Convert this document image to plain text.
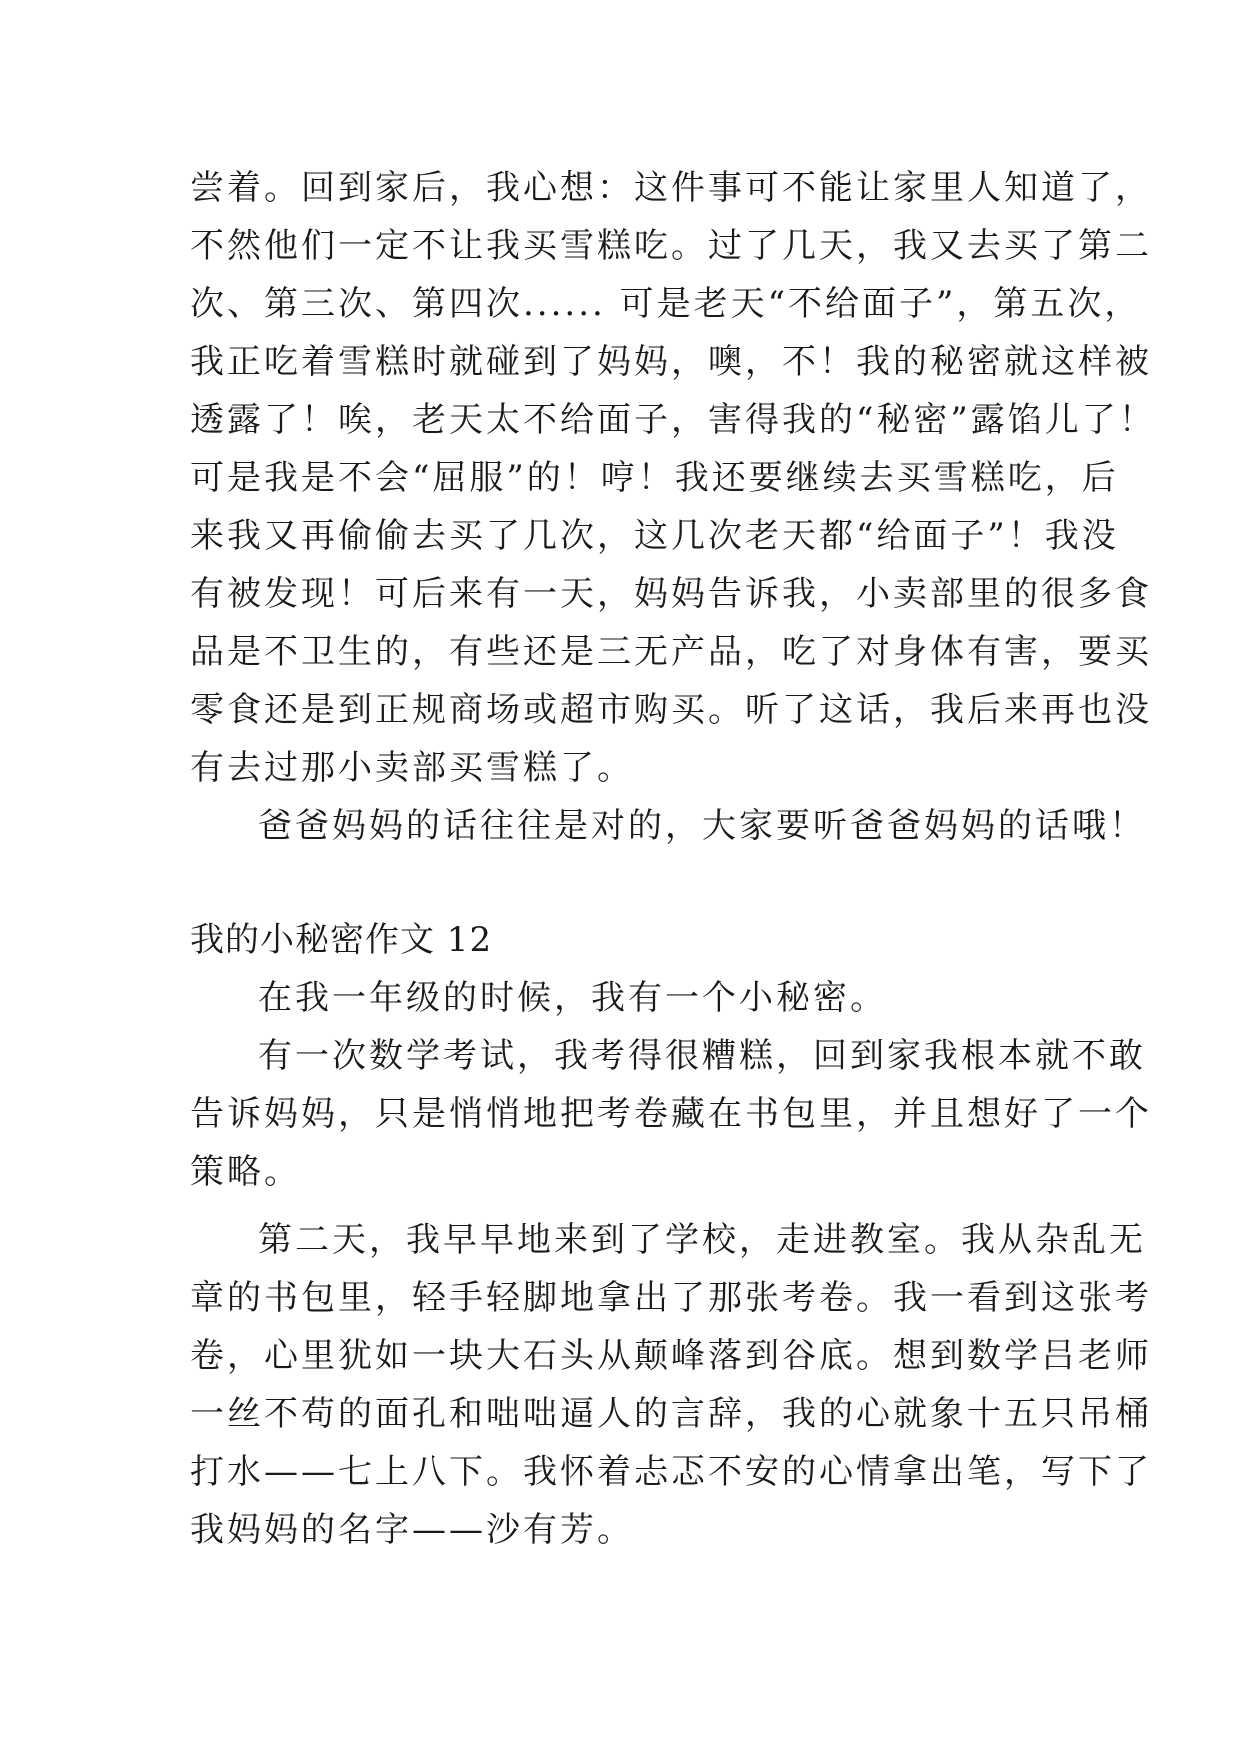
尝着。回到家后，我心想：这件事可不能让家里人知道了，
不然他们一定不让我买雪糕吃。过了几天，我又去买了第二
次、第三次、第四次...... 可是老天“不给面子”，第五次，
我正吃着雪糕时就碰到了妈妈，噢，不！我的秘密就这样被
透露了！唉，老天太不给面子，害得我的“秘密”露馅儿了！
可是我是不会“屈服”的！哼！我还要继续去买雪糕吃，后
来我又再偷偷去买了几次，这几次老天都“给面子”！我没
有被发现！可后来有一天，妈妈告诉我，小卖部里的很多食
品是不卫生的，有些还是三无产品，吃了对身体有害，要买
零食还是到正规商场或超市购买。听了这话，我后来再也没
有去过那小卖部买雪糕了。
爸爸妈妈的话往往是对的，大家要听爸爸妈妈的话哦！
我的小秘密作文 12
在我一年级的时候，我有一个小秘密。
有一次数学考试，我考得很糟糕，回到家我根本就不敢
告诉妈妈，只是悄悄地把考卷藏在书包里，并且想好了一个
策略。
第二天，我早早地来到了学校，走进教室。我从杂乱无
章的书包里，轻手轻脚地拿出了那张考卷。我一看到这张考
卷，心里犹如一块大石头从颠峰落到谷底。想到数学吕老师
一丝不苟的面孔和咄咄逼人的言辞，我的心就象十五只吊桶
打水——七上八下。我怀着忐忑不安的心情拿出笔，写下了
我妈妈的名字——沙有芳。
